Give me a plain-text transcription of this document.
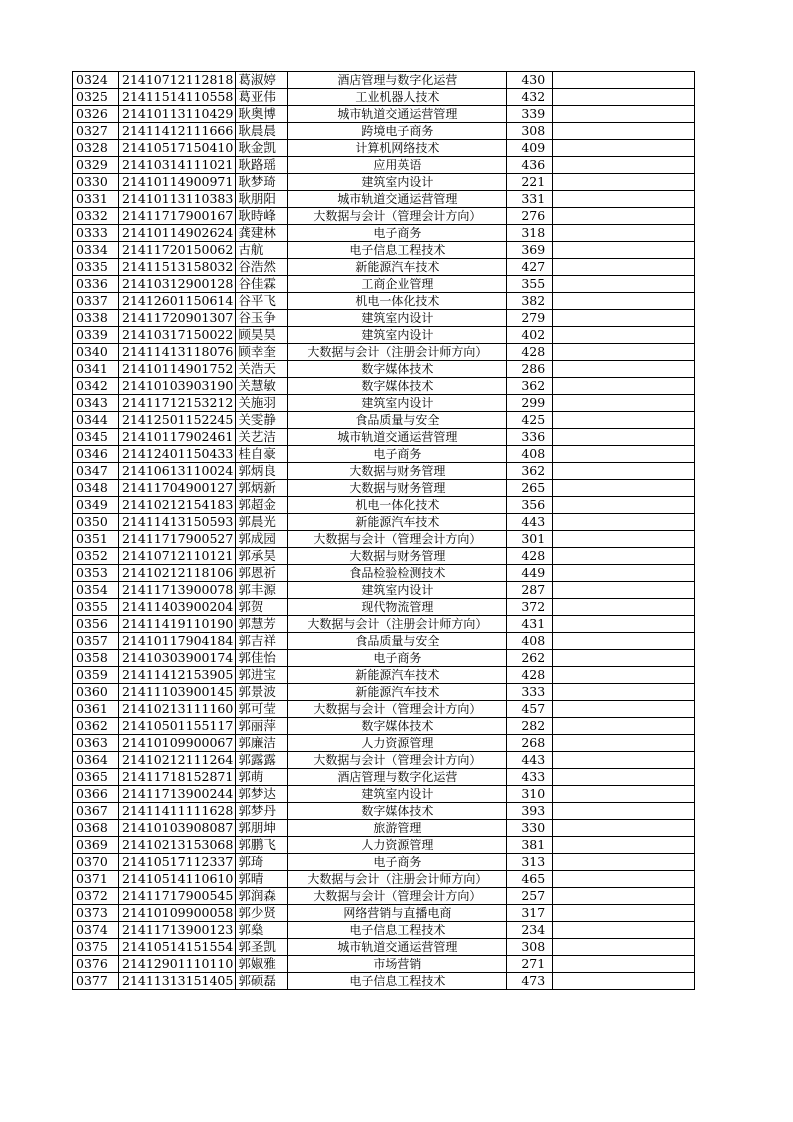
0324	21410712112818	葛淑婷	酒店管理与数字化运营	430	
0325	21411514110558	葛亚伟	工业机器人技术	432	
0326	21410113110429	耿奥博	城市轨道交通运营管理	339	
0327	21411412111666	耿晨晨	跨境电子商务	308	
0328	21410517150410	耿金凯	计算机网络技术	409	
0329	21410314111021	耿路瑶	应用英语	436	
0330	21410114900971	耿梦琦	建筑室内设计	221	
0331	21410113110383	耿朋阳	城市轨道交通运营管理	331	
0332	21411717900167	耿時峰	大数据与会计（管理会计方向）	276	
0333	21410114902624	龚建林	电子商务	318	
0334	21411720150062	古航	电子信息工程技术	369	
0335	21411513158032	谷浩然	新能源汽车技术	427	
0336	21410312900128	谷佳霖	工商企业管理	355	
0337	21412601150614	谷平飞	机电一体化技术	382	
0338	21411720901307	谷玉争	建筑室内设计	279	
0339	21410317150022	顾昊昊	建筑室内设计	402	
0340	21411413118076	顾幸奎	大数据与会计（注册会计师方向）	428	
0341	21410114901752	关浩天	数字媒体技术	286	
0342	21410103903190	关慧敏	数字媒体技术	362	
0343	21411712153212	关施羽	建筑室内设计	299	
0344	21412501152245	关雯静	食品质量与安全	425	
0345	21410117902461	关艺洁	城市轨道交通运营管理	336	
0346	21412401150433	桂自豪	电子商务	408	
0347	21410613110024	郭炳良	大数据与财务管理	362	
0348	21411704900127	郭炳新	大数据与财务管理	265	
0349	21410212154183	郭超金	机电一体化技术	356	
0350	21411413150593	郭晨光	新能源汽车技术	443	
0351	21411717900527	郭成园	大数据与会计（管理会计方向）	301	
0352	21410712110121	郭承昊	大数据与财务管理	428	
0353	21410212118106	郭恩祈	食品检验检测技术	449	
0354	21411713900078	郭丰源	建筑室内设计	287	
0355	21411403900204	郭贺	现代物流管理	372	
0356	21411419110190	郭慧芳	大数据与会计（注册会计师方向）	431	
0357	21410117904184	郭吉祥	食品质量与安全	408	
0358	21410303900174	郭佳怡	电子商务	262	
0359	21411412153905	郭进宝	新能源汽车技术	428	
0360	21411103900145	郭景波	新能源汽车技术	333	
0361	21410213111160	郭可莹	大数据与会计（管理会计方向）	457	
0362	21410501155117	郭丽萍	数字媒体技术	282	
0363	21410109900067	郭廉洁	人力资源管理	268	
0364	21410212111264	郭露露	大数据与会计（管理会计方向）	443	
0365	21411718152871	郭萌	酒店管理与数字化运营	433	
0366	21411713900244	郭梦达	建筑室内设计	310	
0367	21411411111628	郭梦丹	数字媒体技术	393	
0368	21410103908087	郭朋坤	旅游管理	330	
0369	21410213153068	郭鹏飞	人力资源管理	381	
0370	21410517112337	郭琦	电子商务	313	
0371	21410514110610	郭晴	大数据与会计（注册会计师方向）	465	
0372	21411717900545	郭润森	大数据与会计（管理会计方向）	257	
0373	21410109900058	郭少贤	网络营销与直播电商	317	
0374	21411713900123	郭燊	电子信息工程技术	234	
0375	21410514151554	郭圣凯	城市轨道交通运营管理	308	
0376	21412901110110	郭婌雅	市场营销	271	
0377	21411313151405	郭硕磊	电子信息工程技术	473	
